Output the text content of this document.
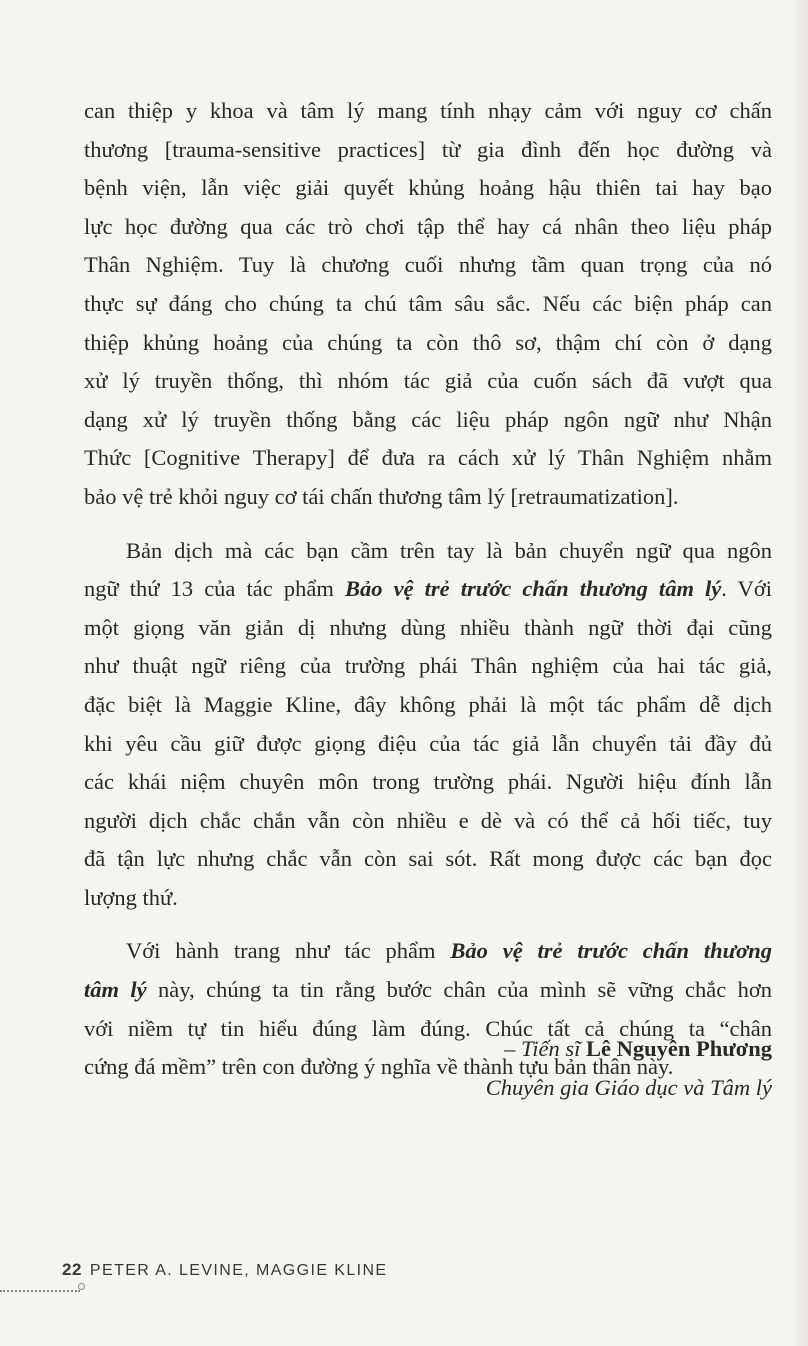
can thiệp y khoa và tâm lý mang tính nhạy cảm với nguy cơ chấn
thương [trauma-sensitive practices] từ gia đình đến học đường và
bệnh viện, lẫn việc giải quyết khủng hoảng hậu thiên tai hay bạo
lực học đường qua các trò chơi tập thể hay cá nhân theo liệu pháp
Thân Nghiệm. Tuy là chương cuối nhưng tầm quan trọng của nó
thực sự đáng cho chúng ta chú tâm sâu sắc. Nếu các biện pháp can
thiệp khủng hoảng của chúng ta còn thô sơ, thậm chí còn ở dạng
xử lý truyền thống, thì nhóm tác giả của cuốn sách đã vượt qua
dạng xử lý truyền thống bằng các liệu pháp ngôn ngữ như Nhận
Thức [Cognitive Therapy] để đưa ra cách xử lý Thân Nghiệm nhằm
bảo vệ trẻ khỏi nguy cơ tái chấn thương tâm lý [retraumatization].

Bản dịch mà các bạn cầm trên tay là bản chuyển ngữ qua ngôn
ngữ thứ 13 của tác phẩm Bảo vệ trẻ trước chấn thương tâm lý. Với
một giọng văn giản dị nhưng dùng nhiều thành ngữ thời đại cũng
như thuật ngữ riêng của trường phái Thân nghiệm của hai tác giả,
đặc biệt là Maggie Kline, đây không phải là một tác phẩm dễ dịch
khi yêu cầu giữ được giọng điệu của tác giả lẫn chuyển tải đầy đủ
các khái niệm chuyên môn trong trường phái. Người hiệu đính lẫn
người dịch chắc chắn vẫn còn nhiều e dè và có thể cả hối tiếc, tuy
đã tận lực nhưng chắc vẫn còn sai sót. Rất mong được các bạn đọc
lượng thứ.

Với hành trang như tác phẩm Bảo vệ trẻ trước chấn thương
tâm lý này, chúng ta tin rằng bước chân của mình sẽ vững chắc hơn
với niềm tự tin hiểu đúng làm đúng. Chúc tất cả chúng ta “chân
cứng đá mềm” trên con đường ý nghĩa về thành tựu bản thân này.

– Tiến sĩ Lê Nguyên Phương
Chuyên gia Giáo dục và Tâm lý
22 PETER A. LEVINE, MAGGIE KLINE
